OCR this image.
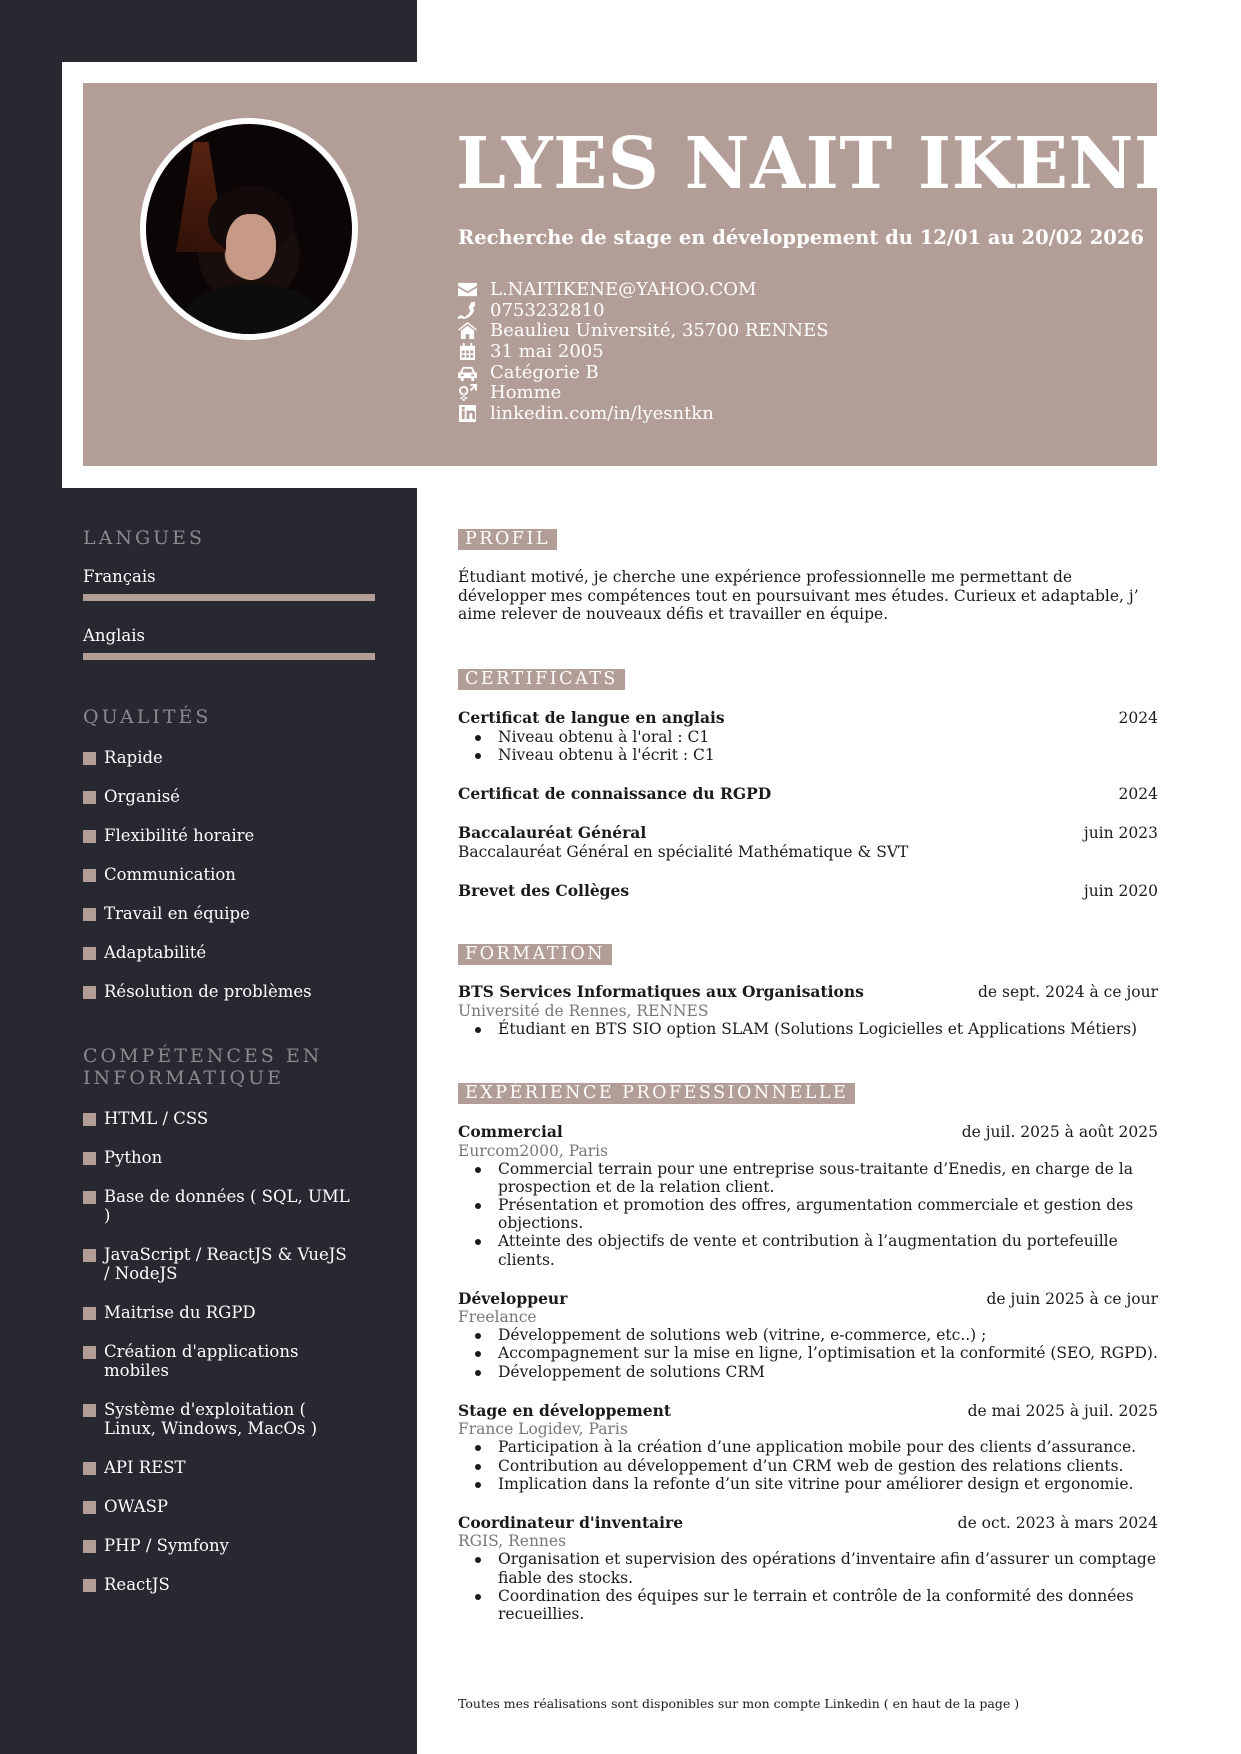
LYES NAIT IKENE
Recherche de stage en développement du 12/01 au 20/02 2026
L.NAITIKENE@YAHOO.COM
0753232810
Beaulieu Université, 35700 RENNES
31 mai 2005
Catégorie B
Homme
linkedin.com/in/lyesntkn
LANGUES
Français
Anglais
QUALITÉS
Rapide
Organisé
Flexibilité horaire
Communication
Travail en équipe
Adaptabilité
Résolution de problèmes
COMPÉTENCES EN
INFORMATIQUE
HTML / CSS
Python
Base de données ( SQL, UML )
JavaScript / ReactJS & VueJS / NodeJS
Maitrise du RGPD
Création d'applications mobiles
Système d'exploitation ( Linux, Windows, MacOs )
API REST
OWASP
PHP / Symfony
ReactJS
PROFIL
Étudiant motivé, je cherche une expérience professionnelle me permettant de développer mes compétences tout en poursuivant mes études. Curieux et adaptable, j’ aime relever de nouveaux défis et travailler en équipe.
CERTIFICATS
Certificat de langue en anglais	2024
Niveau obtenu à l'oral : C1
Niveau obtenu à l'écrit : C1
Certificat de connaissance du RGPD	2024
Baccalauréat Général	juin 2023
Baccalauréat Général en spécialité Mathématique & SVT
Brevet des Collèges	juin 2020
FORMATION
BTS Services Informatiques aux Organisations	de sept. 2024 à ce jour
Université de Rennes, RENNES
Étudiant en BTS SIO option SLAM (Solutions Logicielles et Applications Métiers)
EXPÉRIENCE PROFESSIONNELLE
Commercial	de juil. 2025 à août 2025
Eurcom2000, Paris
Commercial terrain pour une entreprise sous-traitante d’Enedis, en charge de la prospection et de la relation client.
Présentation et promotion des offres, argumentation commerciale et gestion des objections.
Atteinte des objectifs de vente et contribution à l’augmentation du portefeuille clients.
Développeur	de juin 2025 à ce jour
Freelance
Développement de solutions web (vitrine, e-commerce, etc..) ;
Accompagnement sur la mise en ligne, l’optimisation et la conformité (SEO, RGPD).
Développement de solutions CRM
Stage en développement	de mai 2025 à juil. 2025
France Logidev, Paris
Participation à la création d’une application mobile pour des clients d’assurance.
Contribution au développement d’un CRM web de gestion des relations clients.
Implication dans la refonte d’un site vitrine pour améliorer design et ergonomie.
Coordinateur d'inventaire	de oct. 2023 à mars 2024
RGIS, Rennes
Organisation et supervision des opérations d’inventaire afin d’assurer un comptage fiable des stocks.
Coordination des équipes sur le terrain et contrôle de la conformité des données recueillies.
Toutes mes réalisations sont disponibles sur mon compte Linkedin ( en haut de la page )
